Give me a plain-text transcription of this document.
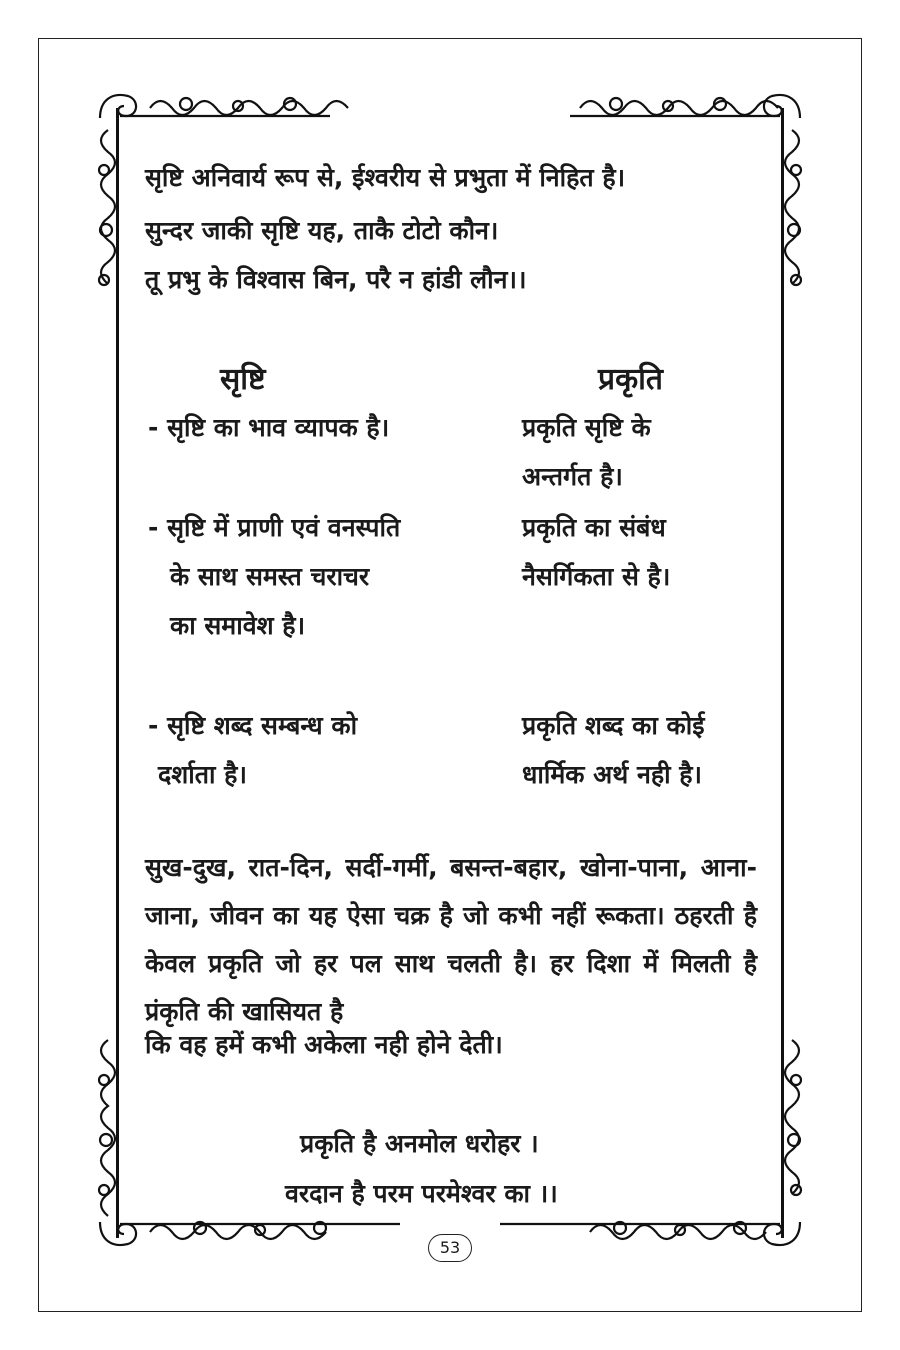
सृष्टि अनिवार्य रूप से, ईश्वरीय से प्रभुता में निहित है।
सुन्दर जाकी सृष्टि यह, ताकै टोटो कौन।
तू प्रभु के विश्वास बिन, परै न हांडी लौन।।
सृष्टि	प्रकृति
- सृष्टि का भाव व्यापक है।
- सृष्टि में प्राणी एवं वनस्पति
के साथ समस्त चराचर
का समावेश है।
- सृष्टि शब्द सम्बन्ध को
दर्शाता है।
प्रकृति सृष्टि के
अन्तर्गत है।
प्रकृति का संबंध
नैसर्गिकता से है।
प्रकृति शब्द का कोई
धार्मिक अर्थ नही है।
सुख-दुख, रात-दिन, सर्दी-गर्मी, बसन्त-बहार, खोना-पाना, आना-जाना, जीवन का यह ऐसा चक्र है जो कभी नहीं रूकता। ठहरती है केवल प्रकृति जो हर पल साथ चलती है। हर दिशा में मिलती है प्रंकृति की खासियत है
कि वह हमें कभी अकेला नही होने देती।
प्रकृति है अनमोल धरोहर ।
वरदान है परम परमेश्वर का ।।
53
